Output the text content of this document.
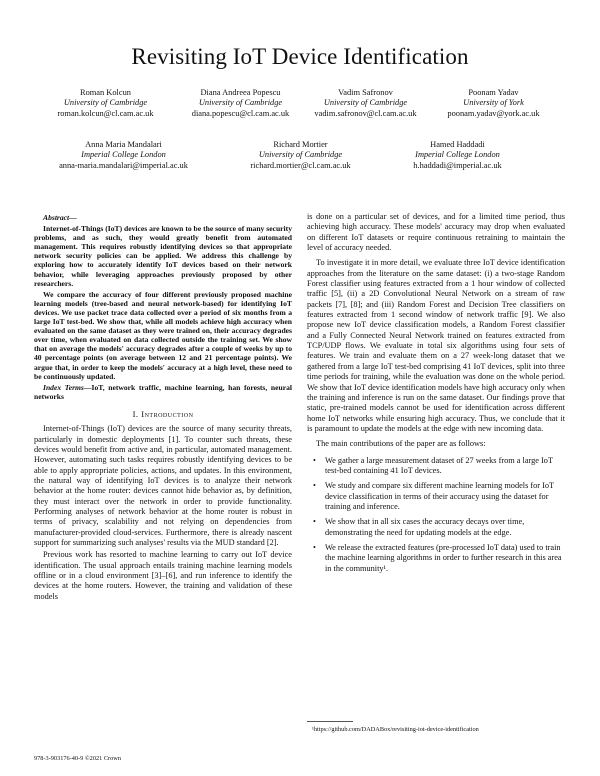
Revisiting IoT Device Identification
Roman Kolcun
University of Cambridge
roman.kolcun@cl.cam.ac.uk
Diana Andreea Popescu
University of Cambridge
diana.popescu@cl.cam.ac.uk
Vadim Safronov
University of Cambridge
vadim.safronov@cl.cam.ac.uk
Poonam Yadav
University of York
poonam.yadav@york.ac.uk
Anna Maria Mandalari
Imperial College London
anna-maria.mandalari@imperial.ac.uk
Richard Mortier
University of Cambridge
richard.mortier@cl.cam.ac.uk
Hamed Haddadi
Imperial College London
h.haddadi@imperial.ac.uk

Abstract—

Internet-of-Things (IoT) devices are known to be the source of many security problems, and as such, they would greatly benefit from automated management. This requires robustly identifying devices so that appropriate network security policies can be applied. We address this challenge by exploring how to accurately identify IoT devices based on their network behavior, while leveraging approaches previously proposed by other researchers.

We compare the accuracy of four different previously proposed machine learning models (tree-based and neural network-based) for identifying IoT devices. We use packet trace data collected over a period of six months from a large IoT test-bed. We show that, while all models achieve high accuracy when evaluated on the same dataset as they were trained on, their accuracy degrades over time, when evaluated on data collected outside the training set. We show that on average the models' accuracy degrades after a couple of weeks by up to 40 percentage points (on average between 12 and 21 percentage points). We argue that, in order to keep the models' accuracy at a high level, these need to be continuously updated.

Index Terms—IoT, network traffic, machine learning, han forests, neural networks

I. Introduction

Internet-of-Things (IoT) devices are the source of many security threats, particularly in domestic deployments [1]. To counter such threats, these devices would benefit from active and, in particular, automated management. However, automating such tasks requires robustly identifying devices to be able to apply appropriate policies, actions, and updates. In this environment, the natural way of identifying IoT devices is to analyze their network behavior at the home router: devices cannot hide behavior as, by definition, they must interact over the network in order to provide functionality. Performing analyses of network behavior at the home router is robust in terms of privacy, scalability and not relying on dependencies from manufacturer-provided cloud-services. Furthermore, there is already nascent support for summarizing such analyses' results via the MUD standard [2].

Previous work has resorted to machine learning to carry out IoT device identification. The usual approach entails training machine learning models offline or in a cloud environment [3]–[6], and run inference to identify the devices at the home routers. However, the training and validation of these models

is done on a particular set of devices, and for a limited time period, thus achieving high accuracy. These models' accuracy may drop when evaluated on different IoT datasets or require continuous retraining to maintain the level of accuracy needed.

To investigate it in more detail, we evaluate three IoT device identification approaches from the literature on the same dataset: (i) a two-stage Random Forest classifier using features extracted from a 1 hour window of collected traffic [5], (ii) a 2D Convolutional Neural Network on a stream of raw packets [7], [8]; and (iii) Random Forest and Decision Tree classifiers on features extracted from 1 second window of network traffic [9]. We also propose new IoT device classification models, a Random Forest classifier and a Fully Connected Neural Network trained on features extracted from TCP/UDP flows. We evaluate in total six algorithms using four sets of features. We train and evaluate them on a 27 week-long dataset that we gathered from a large IoT test-bed comprising 41 IoT devices, split into three time periods for training, while the evaluation was done on the whole period. We show that IoT device identification models have high accuracy only when the training and inference is run on the same dataset. Our findings prove that static, pre-trained models cannot be used for identification across different home IoT networks while ensuring high accuracy. Thus, we conclude that it is paramount to update the models at the edge with new incoming data.

The main contributions of the paper are as follows:

• We gather a large measurement dataset of 27 weeks from a large IoT test-bed containing 41 IoT devices.
• We study and compare six different machine learning models for IoT device classification in terms of their accuracy using the dataset for training and inference.
• We show that in all six cases the accuracy decays over time, demonstrating the need for updating models at the edge.
• We release the extracted features (pre-processed IoT data) used to train the machine learning algorithms in order to further research in this area in the community¹.
978-3-903176-40-9 ©2021 Crown
¹https://github.com/DADABox/revisiting-iot-device-identification
